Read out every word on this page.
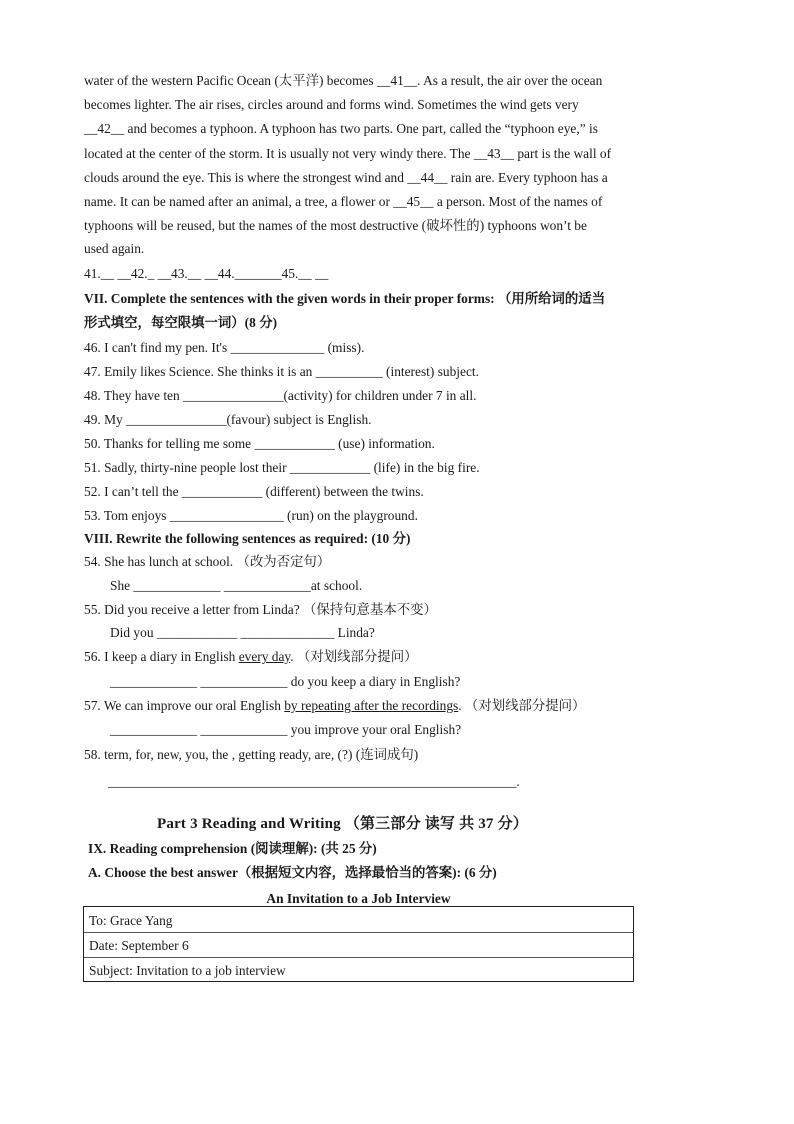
water of the western Pacific Ocean (太平洋) becomes __41__. As a result, the air over the ocean
becomes lighter. The air rises, circles around and forms wind. Sometimes the wind gets very
__42__ and becomes a typhoon. A typhoon has two parts. One part, called the “typhoon eye,” is
located at the center of the storm. It is usually not very windy there. The __43__ part is the wall of
clouds around the eye. This is where the strongest wind and __44__ rain are. Every typhoon has a
name. It can be named after an animal, a tree, a flower or __45__ a person. Most of the names of
typhoons will be reused, but the names of the most destructive (破坏性的) typhoons won’t be
used again.
41.__ __42._ __43.__ __44._______45.__ __
VII. Complete the sentences with the given words in their proper forms: （用所给词的适当
形式填空，每空限填一词）(8 分)
46. I can't find my pen. It's ______________ (miss).
47. Emily likes Science. She thinks it is an __________ (interest) subject.
48. They have ten _______________(activity) for children under 7 in all.
49. My _______________(favour) subject is English.
50. Thanks for telling me some ____________ (use) information.
51. Sadly, thirty-nine people lost their ____________ (life) in the big fire.
52. I can’t tell the ____________ (different) between the twins.
53. Tom enjoys _________________ (run) on the playground.
VIII. Rewrite the following sentences as required: (10 分)
54. She has lunch at school. （改为否定句）
She _____________ _____________at school.
55. Did you receive a letter from Linda? （保持句意基本不变）
Did you ____________ ______________ Linda?
56. I keep a diary in English every day. （对划线部分提问）
_____________ _____________ do you keep a diary in English?
57. We can improve our oral English by repeating after the recordings. （对划线部分提问）
_____________ _____________ you improve your oral English?
58. term, for, new, you, the , getting ready, are, (?) (连词成句)
_____________________________________________________________.
Part 3 Reading and Writing （第三部分 读写 共 37 分）
IX. Reading comprehension (阅读理解): (共 25 分)
A. Choose the best answer（根据短文内容，选择最恰当的答案): (6 分)
An Invitation to a Job Interview
To: Grace Yang
Date: September 6
Subject: Invitation to a job interview
